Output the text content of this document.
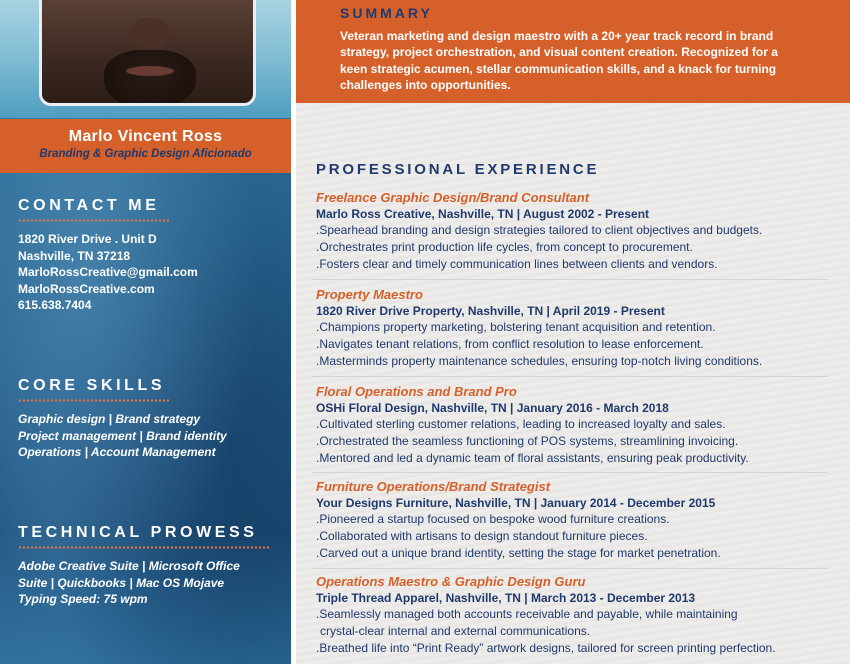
Marlo Vincent Ross
Branding & Graphic Design Aficionado
CONTACT ME
1820 River Drive . Unit D
Nashville, TN 37218
MarloRossCreative@gmail.com
MarloRossCreative.com
615.638.7404
CORE SKILLS
Graphic design | Brand strategy
Project management | Brand identity
Operations | Account Management
TECHNICAL PROWESS
Adobe Creative Suite | Microsoft Office
Suite | Quickbooks | Mac OS Mojave
Typing Speed: 75 wpm
SUMMARY
Veteran marketing and design maestro with a 20+ year track record in brand
strategy, project orchestration, and visual content creation. Recognized for a
keen strategic acumen, stellar communication skills, and a knack for turning
challenges into opportunities.
PROFESSIONAL EXPERIENCE
Freelance Graphic Design/Brand Consultant
Marlo Ross Creative, Nashville, TN | August 2002 - Present
.Spearhead branding and design strategies tailored to client objectives and budgets.
.Orchestrates print production life cycles, from concept to procurement.
.Fosters clear and timely communication lines between clients and vendors.
Property Maestro
1820 River Drive Property, Nashville, TN | April 2019 - Present
.Champions property marketing, bolstering tenant acquisition and retention.
.Navigates tenant relations, from conflict resolution to lease enforcement.
.Masterminds property maintenance schedules, ensuring top-notch living conditions.
Floral Operations and Brand Pro
OSHi Floral Design, Nashville, TN | January 2016 - March 2018
.Cultivated sterling customer relations, leading to increased loyalty and sales.
.Orchestrated the seamless functioning of POS systems, streamlining invoicing.
.Mentored and led a dynamic team of floral assistants, ensuring peak productivity.
Furniture Operations/Brand Strategist
Your Designs Furniture, Nashville, TN | January 2014 - December 2015
.Pioneered a startup focused on bespoke wood furniture creations.
.Collaborated with artisans to design standout furniture pieces.
.Carved out a unique brand identity, setting the stage for market penetration.
Operations Maestro & Graphic Design Guru
Triple Thread Apparel, Nashville, TN | March 2013 - December 2013
.Seamlessly managed both accounts receivable and payable, while maintaining
crystal-clear internal and external communications.
.Breathed life into “Print Ready” artwork designs, tailored for screen printing perfection.
